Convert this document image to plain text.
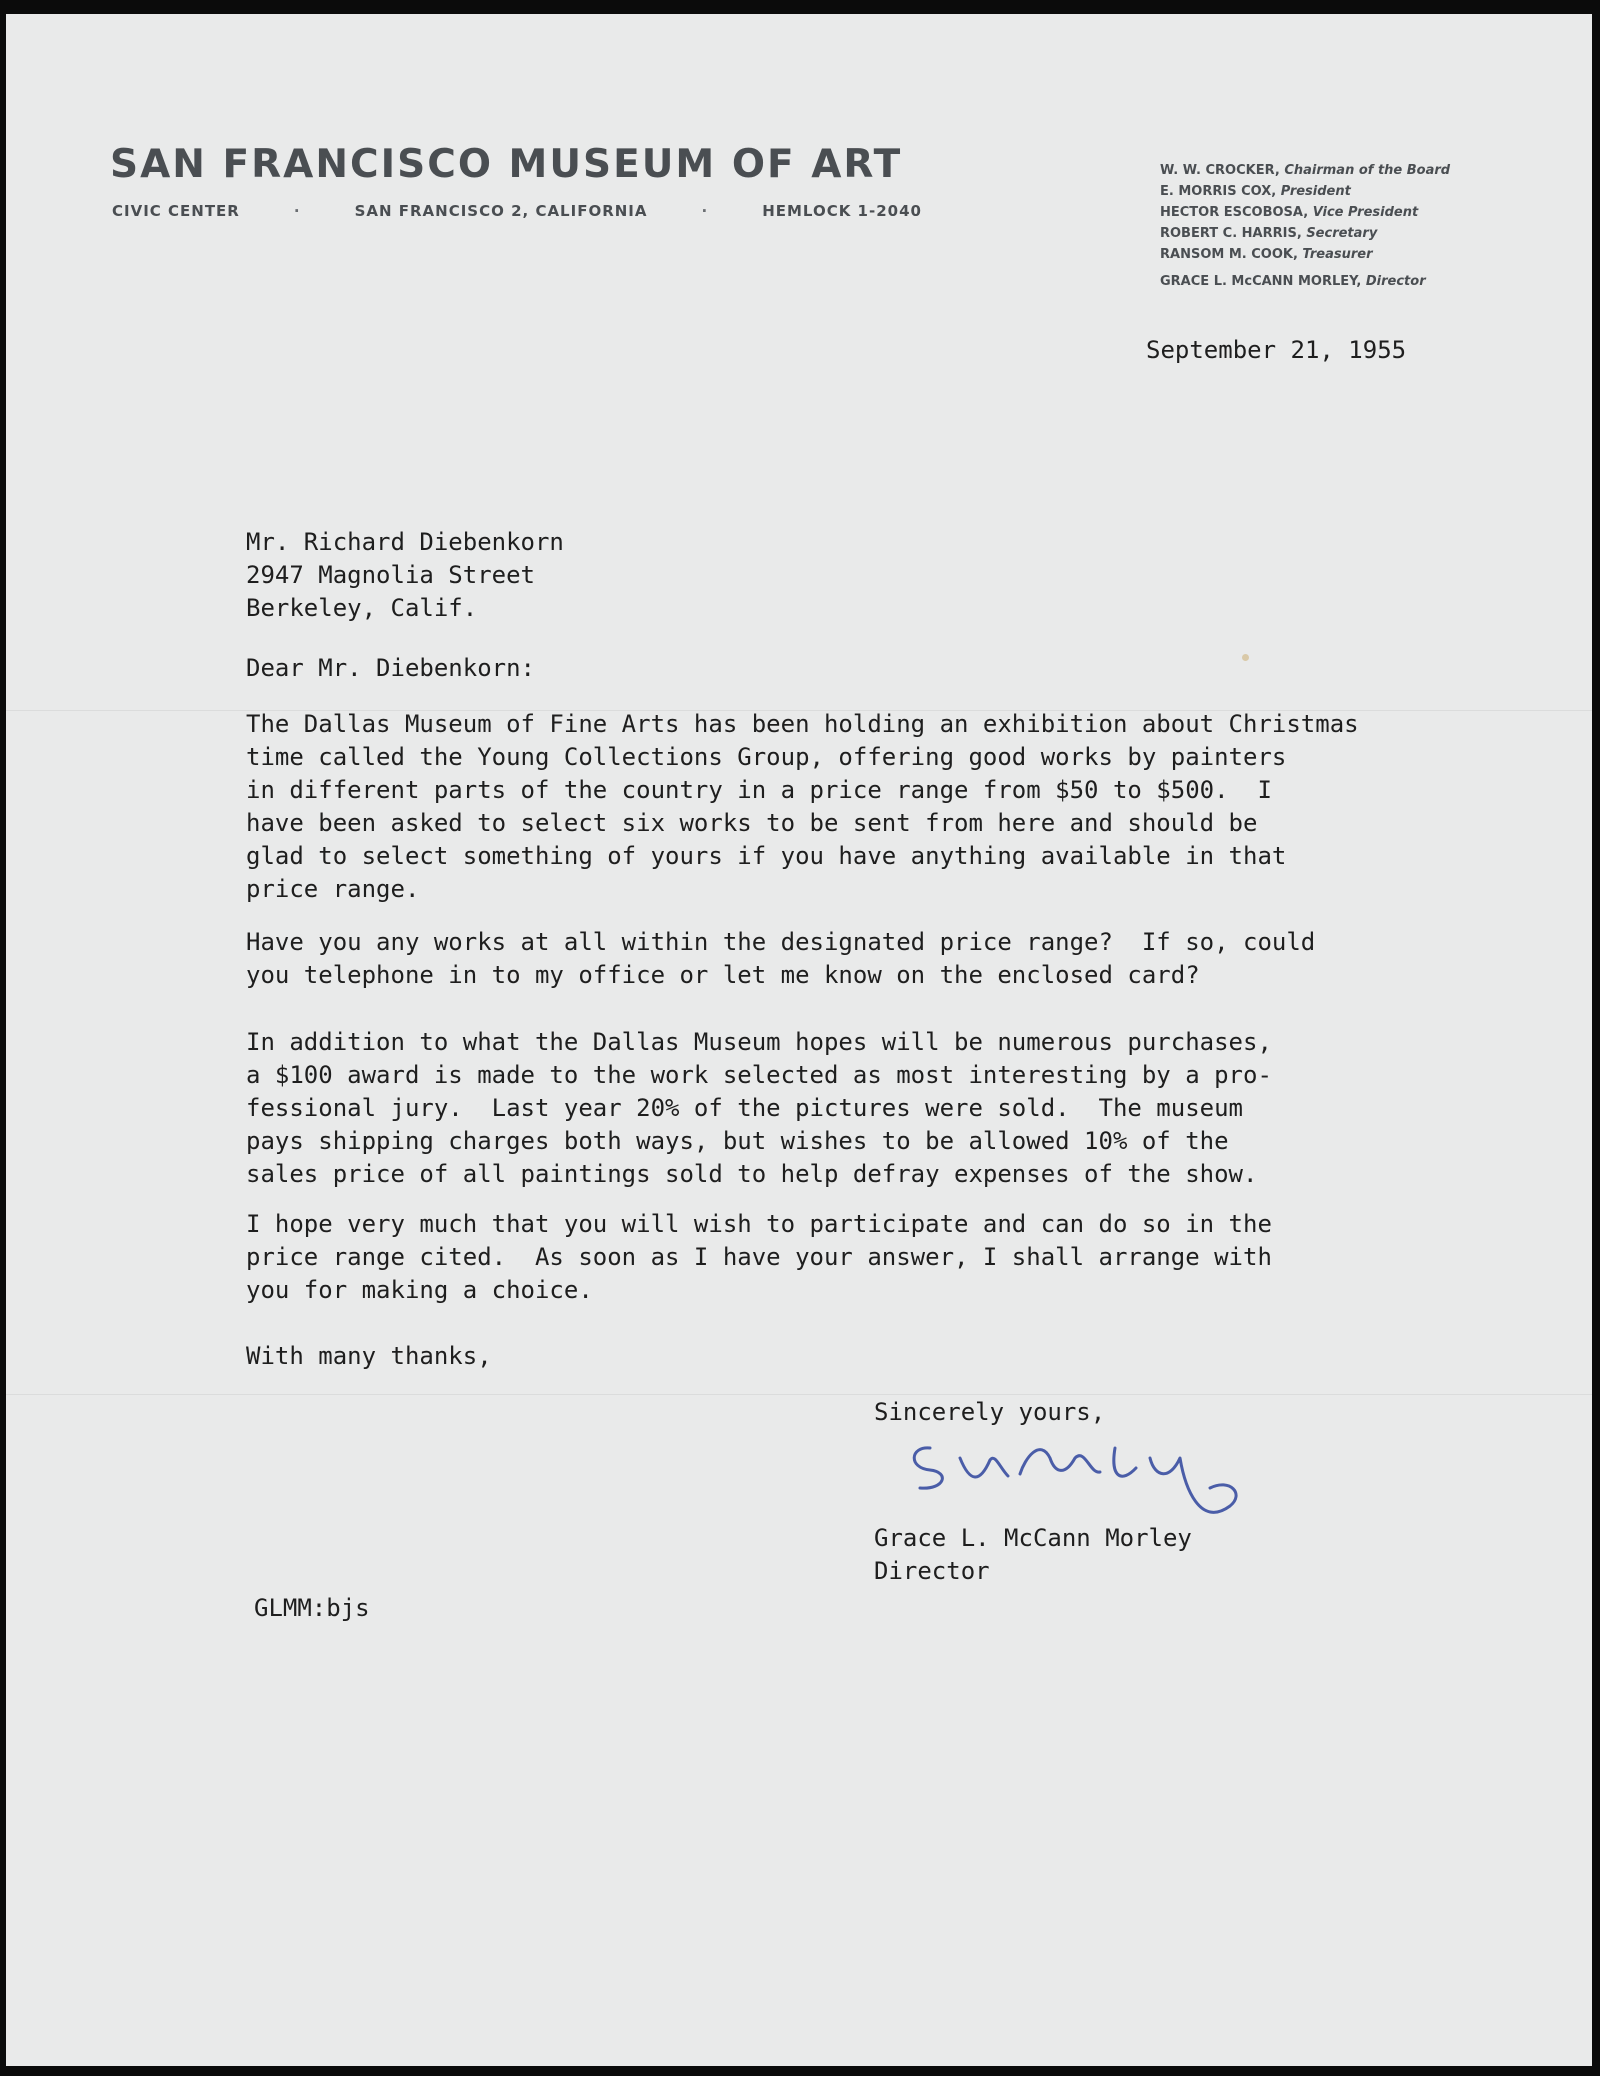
SAN FRANCISCO MUSEUM OF ART
CIVIC CENTER	·	SAN FRANCISCO 2, CALIFORNIA	·	HEMLOCK 1-2040
W. W. CROCKER, Chairman of the Board
E. MORRIS COX, President
HECTOR ESCOBOSA, Vice President
ROBERT C. HARRIS, Secretary
RANSOM M. COOK, Treasurer
GRACE L. McCANN MORLEY, Director
September 21, 1955
Mr. Richard Diebenkorn
2947 Magnolia Street
Berkeley, Calif.
Dear Mr. Diebenkorn:
The Dallas Museum of Fine Arts has been holding an exhibition about Christmas
time called the Young Collections Group, offering good works by painters
in different parts of the country in a price range from $50 to $500.  I
have been asked to select six works to be sent from here and should be
glad to select something of yours if you have anything available in that
price range.
Have you any works at all within the designated price range?  If so, could
you telephone in to my office or let me know on the enclosed card?
In addition to what the Dallas Museum hopes will be numerous purchases,
a $100 award is made to the work selected as most interesting by a pro-
fessional jury.  Last year 20% of the pictures were sold.  The museum
pays shipping charges both ways, but wishes to be allowed 10% of the
sales price of all paintings sold to help defray expenses of the show.
I hope very much that you will wish to participate and can do so in the
price range cited.  As soon as I have your answer, I shall arrange with
you for making a choice.
With many thanks,
Sincerely yours,
Grace L. McCann Morley
Director
GLMM:bjs
